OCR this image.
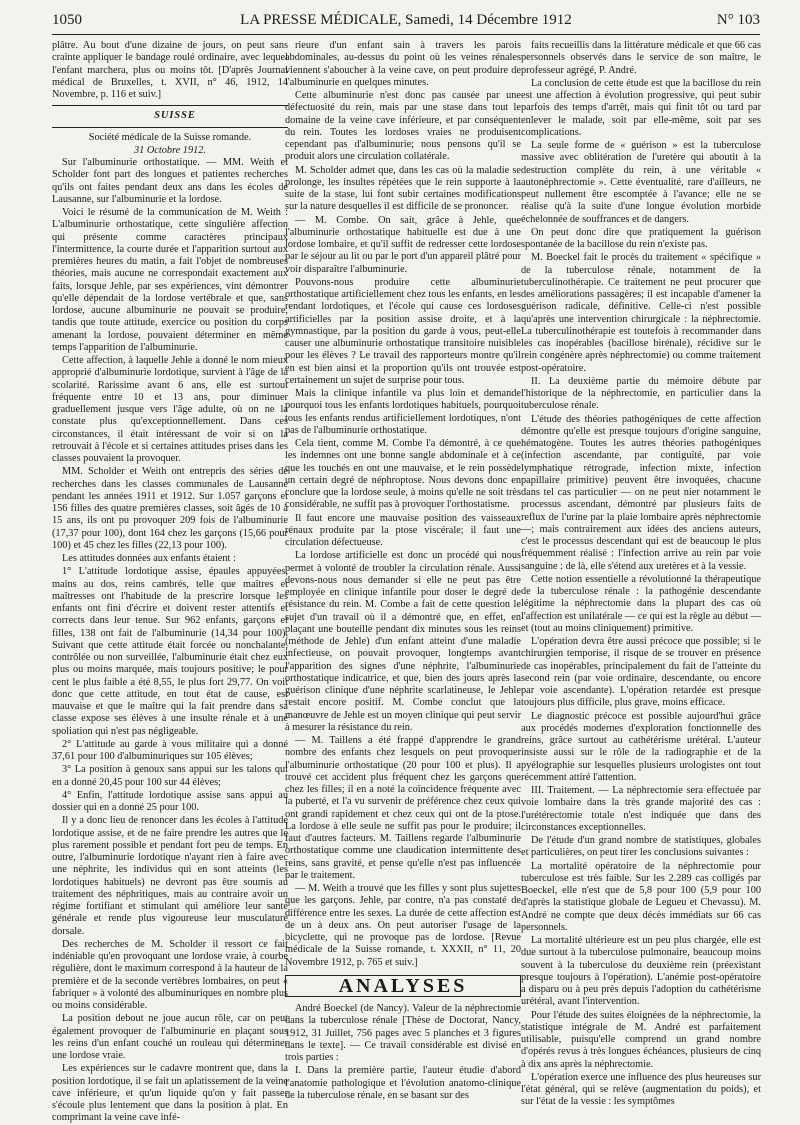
1050	LA PRESSE MÉDICALE, Samedi, 14 Décembre 1912	N° 103

plâtre. Au bout d'une dizaine de jours, on peut sans crainte appliquer le bandage roulé ordinaire, avec lequel l'enfant marchera, plus ou moins tôt. [D'après Journal médical de Bruxelles, t. XVII, n° 46, 1912, 14 Novembre, p. 116 et suiv.]

SUISSE

Société médicale de la Suisse romande.

31 Octobre 1912.

Sur l'albuminurie orthostatique. — MM. Weith et Scholder font part des longues et patientes recherches qu'ils ont faites pendant deux ans dans les écoles de Lausanne, sur l'albuminurie et la lordose.

Voici le résumé de la communication de M. Weith : L'albuminurie orthostatique, cette singulière affection qui présente comme caractères principaux l'intermittence, la courte durée et l'apparition surtout aux premières heures du matin, a fait l'objet de nombreuses théories, mais aucune ne correspondait exactement aux faits, lorsque Jehle, par ses expériences, vint démontrer qu'elle dépendait de la lordose vertébrale et que, sans lordose, aucune albuminurie ne pouvait se produire, tandis que toute attitude, exercice ou position du corps amenant la lordose, pouvaient déterminer en même temps l'apparition de l'albuminurie.

Cette affection, à laquelle Jehle a donné le nom mieux approprié d'albuminurie lordotique, survient à l'âge de la scolarité. Rarissime avant 6 ans, elle est surtout fréquente entre 10 et 13 ans, pour diminuer graduellement jusque vers l'âge adulte, où on ne la constate plus qu'exceptionnellement. Dans ces circonstances, il était intéressant de voir si on la retrouvait à l'école et si certaines attitudes prises dans les classes pouvaient la provoquer.

MM. Scholder et Weith ont entrepris des séries de recherches dans les classes communales de Lausanne pendant les années 1911 et 1912. Sur 1.057 garçons et 156 filles des quatre premières classes, soit âgés de 10 à 15 ans, ils ont pu provoquer 209 fois de l'albuminurie (17,37 pour 100), dont 164 chez les garçons (15,66 pour 100) et 45 chez les filles (22,13 pour 100).

Les attitudes données aux enfants étaient :

1° L'attitude lordotique assise, épaules appuyées, mains au dos, reins cambrés, telle que maîtres et maîtresses ont l'habitude de la prescrire lorsque les enfants ont fini d'écrire et doivent rester attentifs et corrects dans leur tenue. Sur 962 enfants, garçons et filles, 138 ont fait de l'albuminurie (14,34 pour 100). Suivant que cette attitude était forcée ou nonchalante, contrôlée ou non surveillée, l'albuminurie était chez eux plus ou moins marquée, mais toujours positive; le pour cent le plus faible a été 8,55, le plus fort 29,77. On voit donc que cette attitude, en tout état de cause, est mauvaise et que le maître qui la fait prendre dans sa classe expose ses élèves à une insulte rénale et à une spoliation qui n'est pas négligeable.

2° L'attitude au garde à vous militaire qui a donné 37,61 pour 100 d'albuminuriques sur 105 élèves;

3° La position à genoux sans appui sur les talons qui en a donné 20,45 pour 100 sur 44 élèves;

4° Enfin, l'attitude lordotique assise sans appui au dossier qui en a donné 25 pour 100.

Il y a donc lieu de renoncer dans les écoles à l'attitude lordotique assise, et de ne faire prendre les autres que le plus rarement possible et pendant fort peu de temps. En outre, l'albuminurie lordotique n'ayant rien à faire avec une néphrite, les individus qui en sont atteints (les lordotiques habituels) ne devront pas être soumis au traitement des néphritiques, mais au contraire avoir un régime fortifiant et stimulant qui améliore leur santé générale et rende plus vigoureuse leur musculature dorsale.

Des recherches de M. Scholder il ressort ce fait indéniable qu'en provoquant une lordose vraie, à courbe régulière, dont le maximum correspond à la hauteur de la première et de la seconde vertèbres lombaires, on peut « fabriquer » à volonté des albuminuriques en nombre plus ou moins considérable.

La position debout ne joue aucun rôle, car on peut également provoquer de l'albuminurie en plaçant sous les reins d'un enfant couché un rouleau qui déterminer une lordose vraie.

Les expériences sur le cadavre montrent que, dans la position lordotique, il se fait un aplatissement de la veine cave inférieure, et qu'un liquide qu'on y fait passer s'écoule plus lentement que dans la position à plat. En comprimant la veine cave infé-

rieure d'un enfant sain à travers les parois abdominales, au-dessus du point où les veines rénales viennent s'aboucher à la veine cave, on peut produire de l'albuminurie en quelques minutes.

Cette albuminurie n'est donc pas causée par une défectuosité du rein, mais par une stase dans tout le domaine de la veine cave inférieure, et par conséquent du rein. Toutes les lordoses vraies ne produisent cependant pas d'albuminurie; nous pensons qu'il se produit alors une circulation collatérale.

M. Scholder admet que, dans les cas où la maladie se prolonge, les insultes répétées que le rein supporte à la suite de la stase, lui font subir certaines modifications sur la nature desquelles il est difficile de se prononcer.

— M. Combe. On sait, grâce à Jehle, que l'albuminurie orthostatique habituelle est due à une lordose lombaire, et qu'il suffit de redresser cette lordose par le séjour au lit ou par le port d'un appareil plâtré pour voir disparaître l'albuminurie.

Pouvons-nous produire cette albuminurie orthostatique artificiellement chez tous les enfants, en les rendant lordotiques, et l'école qui cause ces lordoses artificielles par la position assise droite, et à la gymnastique, par la position du garde à vous, peut-elle causer une albuminurie orthostatique transitoire nuisible pour les élèves ? Le travail des rapporteurs montre qu'il en est bien ainsi et la proportion qu'ils ont trouvée est certainement un sujet de surprise pour tous.

Mais la clinique infantile va plus loin et demande pourquoi tous les enfants lordotiques habituels, pourquoi tous les enfants rendus artificiellement lordotiques, n'ont pas de l'albuminurie orthostatique.

Cela tient, comme M. Combe l'a démontré, à ce que les indemnes ont une bonne sangle abdominale et à ce que les touchés en ont une mauvaise, et le rein possède un certain degré de néphroptose. Nous devons donc en conclure que la lordose seule, à moins qu'elle ne soit très considérable, ne suffit pas à provoquer l'orthostatisme.

Il faut encore une mauvaise position des vaisseaux rénaux produite par la ptose viscérale; il faut une circulation défectueuse.

La lordose artificielle est donc un procédé qui nous permet à volonté de troubler la circulation rénale. Aussi devons-nous nous demander si elle ne peut pas être employée en clinique infantile pour doser le degré de résistance du rein. M. Combe a fait de cette question le sujet d'un travail où il a démontré que, en effet, en plaçant une bouteille pendant dix minutes sous les reins (méthode de Jehle) d'un enfant atteint d'une maladie infectieuse, on pouvait provoquer, longtemps avant l'apparition des signes d'une néphrite, l'albuminurie orthostatique indicatrice, et que, bien des jours après la guérison clinique d'une néphrite scarlatineuse, le Jehle restait encore positif. M. Combe conclut que la manœuvre de Jehle est un moyen clinique qui peut servir à mesurer la résistance du rein.

— M. Taillens a été frappé d'apprendre le grand nombre des enfants chez lesquels on peut provoquer l'albuminurie orthostatique (20 pour 100 et plus). Il a trouvé cet accident plus fréquent chez les garçons que chez les filles; il en a noté la coïncidence fréquente avec la puberté, et l'a vu survenir de préférence chez ceux qui ont grandi rapidement et chez ceux qui ont de la ptose. La lordose à elle seule ne suffit pas pour le produire; il faut d'autres facteurs. M. Taillens regarde l'albuminurie orthostatique comme une claudication intermittente des reins, sans gravité, et pense qu'elle n'est pas influencée par le traitement.

— M. Weith a trouvé que les filles y sont plus sujettes que les garçons. Jehle, par contre, n'a pas constaté de différence entre les sexes. La durée de cette affection est de un à deux ans. On peut autoriser l'usage de la bicyclette, qui ne provoque pas de lordose. [Revue médicale de la Suisse romande, t. XXXII, n° 11, 20 Novembre 1912, p. 765 et suiv.]

ANALYSES

André Boeckel (de Nancy). Valeur de la néphrectomie dans la tuberculose rénale [Thèse de Doctorat, Nancy, 1912, 31 Juillet, 756 pages avec 5 planches et 3 figures dans le texte]. — Ce travail considérable est divisé en trois parties :

I. Dans la première partie, l'auteur étudie d'abord l'anatomie pathologique et l'évolution anatomo-clinique de la tuberculose rénale, en se basant sur des

faits recueillis dans la littérature médicale et que 66 cas personnels observés dans le service de son maître, le professeur agrégé, P. André.

La conclusion de cette étude est que la bacillose du rein est une affection à évolution progressive, qui peut subir parfois des temps d'arrêt, mais qui finit tôt ou tard par enlever le malade, soit par elle-même, soit par ses complications.

La seule forme de « guérison » est la tuberculose massive avec oblitération de l'uretère qui aboutit à la destruction complète du rein, à une véritable « autonéphrectomie ». Cette éventualité, rare d'ailleurs, ne peut nullement être escomptée à l'avance; elle ne se réalise qu'à la suite d'une longue évolution morbide échelonnée de souffrances et de dangers.

On peut donc dire que pratiquement la guérison spontanée de la bacillose du rein n'existe pas.

M. Boeckel fait le procès du traitement « spécifique » de la tuberculose rénale, notamment de la tuberculinothérapie. Ce traitement ne peut procurer que des améliorations passagères; il est incapable d'amener la guérison radicale, définitive. Celle-ci n'est possible qu'après une intervention chirurgicale : la néphrectomie. La tuberculinothérapie est toutefois à recommander dans les cas inopérables (bacillose birénale), récidive sur le rein congénère après néphrectomie) ou comme traitement post-opératoire.

II. La deuxième partie du mémoire débute par l'historique de la néphrectomie, en particulier dans la tuberculose rénale.

L'étude des théories pathogéniques de cette affection démontre qu'elle est presque toujours d'origine sanguine, hématogène. Toutes les autres théories pathogéniques (infection ascendante, par contiguïté, par voie lymphatique rétrograde, infection mixte, infection papillaire primitive) peuvent être invoquées, chacune dans tel cas particulier — on ne peut nier notamment le processus ascendant, démontré par plusieurs faits de reflux de l'urine par la plaie lombaire après néphrectomie —; mais contrairement aux idées des anciens auteurs, c'est le processus descendant qui est de beaucoup le plus fréquemment réalisé : l'infection arrive au rein par voie sanguine : de là, elle s'étend aux uretères et à la vessie.

Cette notion essentielle a révolutionné la thérapeutique de la tuberculose rénale : la pathogénie descendante légitime la néphrectomie dans la plupart des cas où l'affection est unilatérale — ce qui est la règle au début — et (tout au moins cliniquement) primitive.

L'opération devra être aussi précoce que possible; si le chirurgien temporise, il risque de se trouver en présence de cas inopérables, principalement du fait de l'atteinte du second rein (par voie ordinaire, descendante, ou encore par voie ascendante). L'opération retardée est presque toujours plus difficile, plus grave, moins efficace.

Le diagnostic précoce est possible aujourd'hui grâce aux procédés modernes d'exploration fonctionnelle des reins, grâce surtout au cathétérisme urétéral. L'auteur insiste aussi sur le rôle de la radiographie et de la pyélographie sur lesquelles plusieurs urologistes ont tout récemment attiré l'attention.

III. Traitement. — La néphrectomie sera effectuée par voie lombaire dans la très grande majorité des cas : l'urétérectomie totale n'est indiquée que dans des circonstances exceptionnelles.

De l'étude d'un grand nombre de statistiques, globales et particulières, on peut tirer les conclusions suivantes :

La mortalité opératoire de la néphrectomie pour tuberculose est très faible. Sur les 2.289 cas colligés par Boeckel, elle n'est que de 5,8 pour 100 (5,9 pour 100 d'après la statistique globale de Legueu et Chevassu). M. André ne compte que deux décès immédiats sur 66 cas personnels.

La mortalité ultérieure est un peu plus chargée, elle est due surtout à la tuberculose pulmonaire, beaucoup moins souvent à la tuberculose du deuxième rein (préexistant presque toujours à l'opération). L'anémie post-opératoire a disparu ou à peu près depuis l'adoption du cathétérisme urétéral, avant l'intervention.

Pour l'étude des suites éloignées de la néphrectomie, la statistique intégrale de M. André est parfaitement utilisable, puisqu'elle comprend un grand nombre d'opérés revus à très longues échéances, plusieurs de cinq à dix ans après la néphrectomie.

L'opération exerce une influence des plus heureuses sur l'état général, qui se relève (augmentation du poids), et sur l'état de la vessie : les symptômes
